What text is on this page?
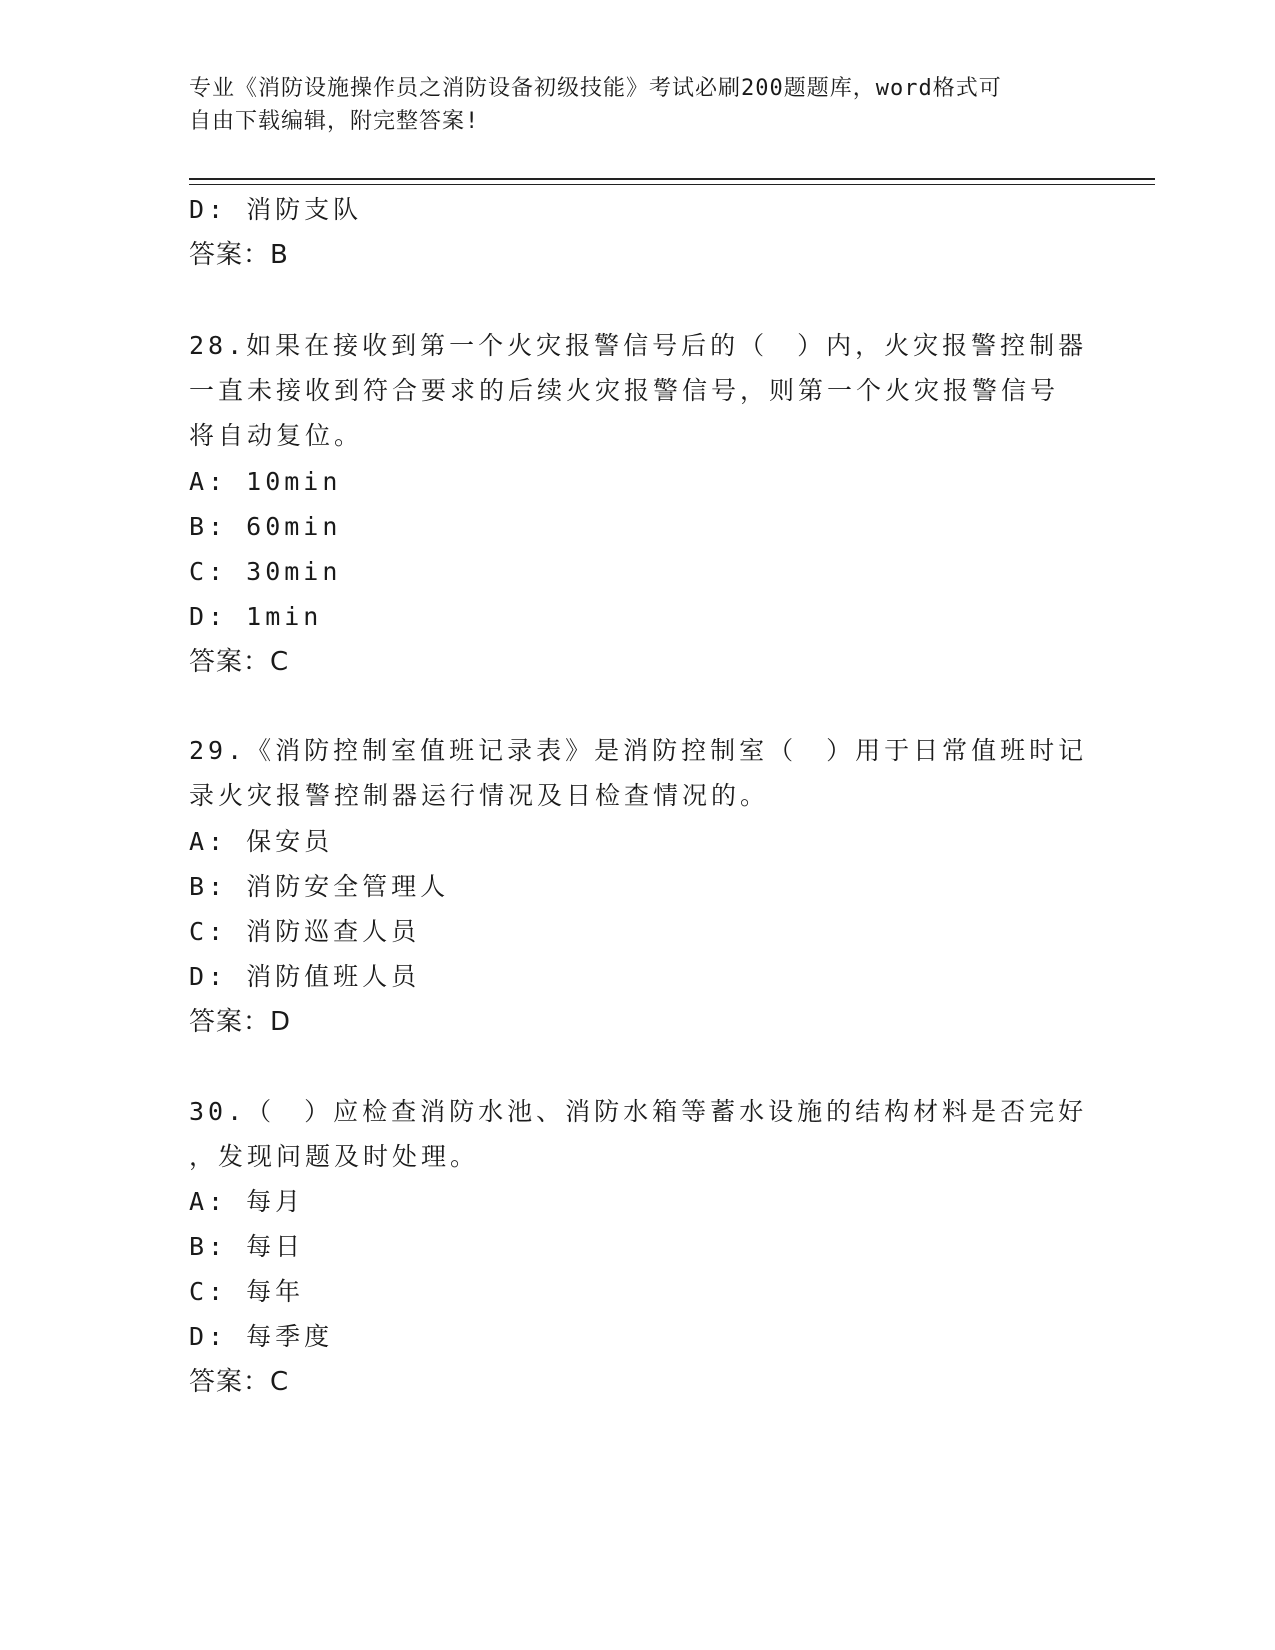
专业《消防设施操作员之消防设备初级技能》考试必刷200题题库，word格式可
自由下载编辑，附完整答案!
D: 消防支队
答案：B
28.如果在接收到第一个火灾报警信号后的（　）内，火灾报警控制器
一直未接收到符合要求的后续火灾报警信号，则第一个火灾报警信号
将自动复位。
A: 10min
B: 60min
C: 30min
D: 1min
答案：C
29.《消防控制室值班记录表》是消防控制室（　）用于日常值班时记
录火灾报警控制器运行情况及日检查情况的。
A: 保安员
B: 消防安全管理人
C: 消防巡查人员
D: 消防值班人员
答案：D
30.（　）应检查消防水池、消防水箱等蓄水设施的结构材料是否完好
，发现问题及时处理。
A: 每月
B: 每日
C: 每年
D: 每季度
答案：C
